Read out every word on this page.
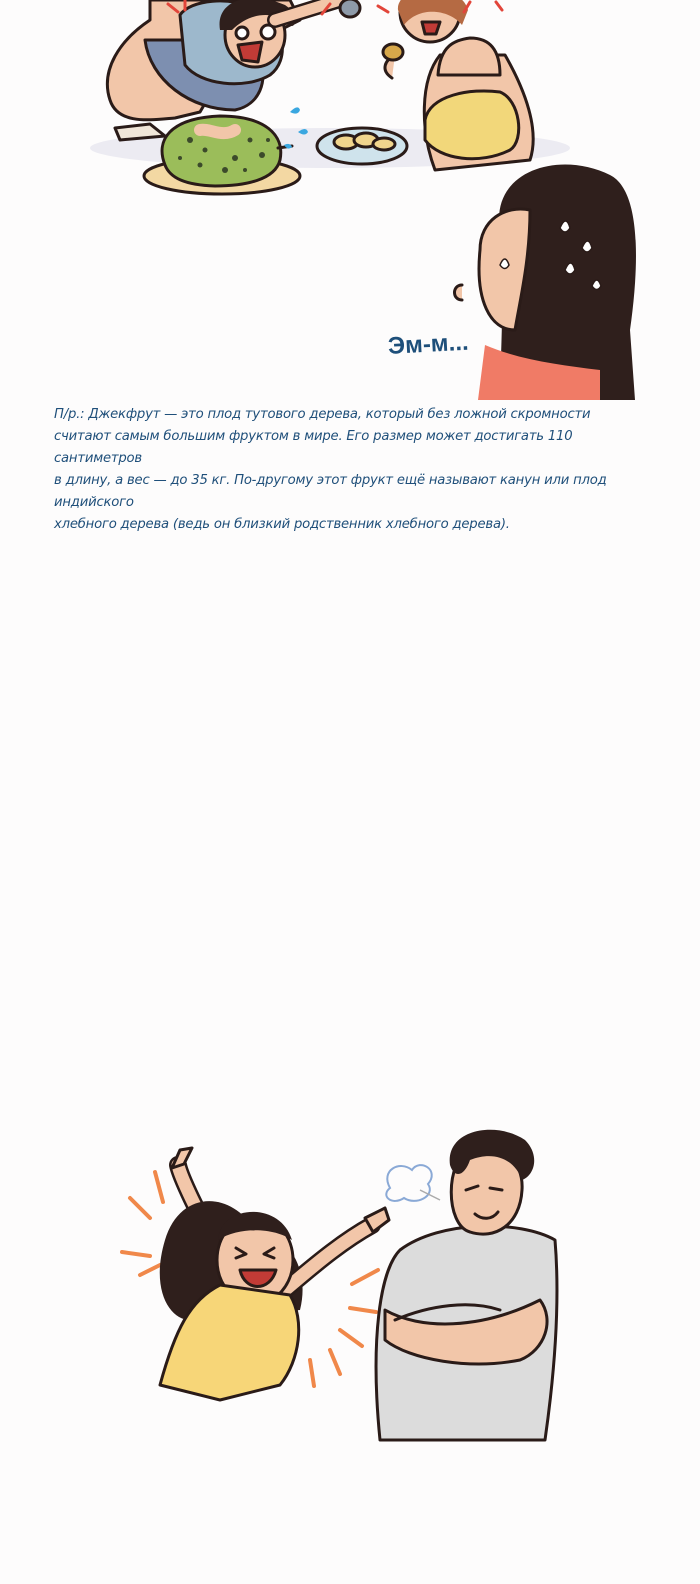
Эм-м...
П/р.: Джекфрут — это плод тутового дерева, который без ложной скромности
считают самым большим фруктом в мире. Его размер может достигать 110 сантиметров
в длину, а вес — до 35 кг. По-другому этот фрукт ещё называют канун или плод индийского
хлебного дерева (ведь он близкий родственник хлебного дерева).
